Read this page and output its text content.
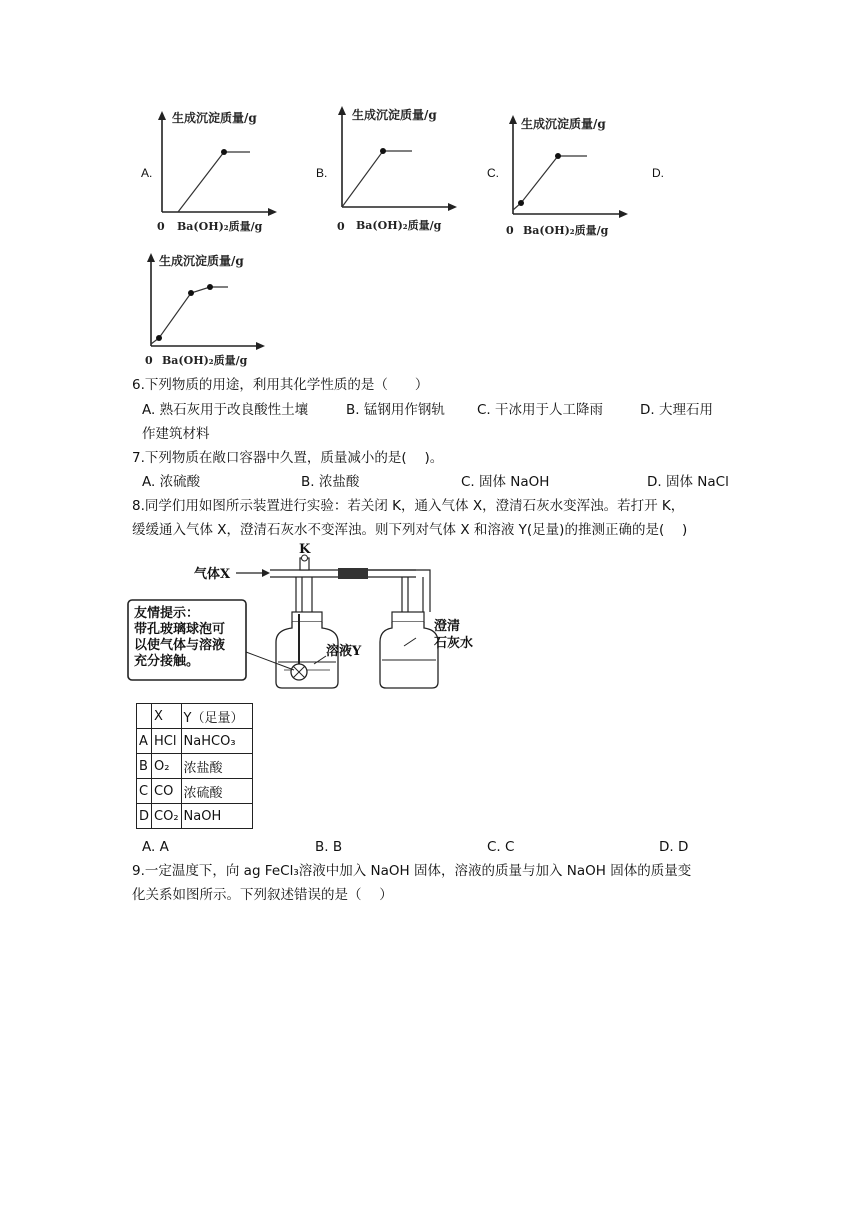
A.	B.	C.	D.
生成沉淀质量/g
0 Ba(OH)₂质量/g
生成沉淀质量/g
0 Ba(OH)₂质量/g
生成沉淀质量/g
0 Ba(OH)₂质量/g
生成沉淀质量/g
0 Ba(OH)₂质量/g
6.下列物质的用途，利用其化学性质的是（　　）
A. 熟石灰用于改良酸性土壤	B. 锰钢用作钢轨 C. 干冰用于人工降雨	D. 大理石用
作建筑材料
7.下列物质在敞口容器中久置，质量减小的是(　 )。
A. 浓硫酸	B. 浓盐酸	C. 固体 NaOH	D. 固体 NaCl
8.同学们用如图所示装置进行实验：若关闭 K，通入气体 X，澄清石灰水变浑浊。若打开 K，
缓缓通入气体 X，澄清石灰水不变浑浊。则下列对气体 X 和溶液 Y(足量)的推测正确的是(　 )
气体X
K
友情提示：
带孔玻璃球泡可
以使气体与溶液
充分接触。
溶液Y
澄清
石灰水
	X	Y（足量）
A	HCl	NaHCO₃
B	O₂	浓盐酸
C	CO	浓硫酸
D	CO₂	NaOH
A. A	B. B	C. C	D. D
9.一定温度下，向 ag FeCl₃溶液中加入 NaOH 固体，溶液的质量与加入 NaOH 固体的质量变
化关系如图所示。下列叙述错误的是（　 ）
